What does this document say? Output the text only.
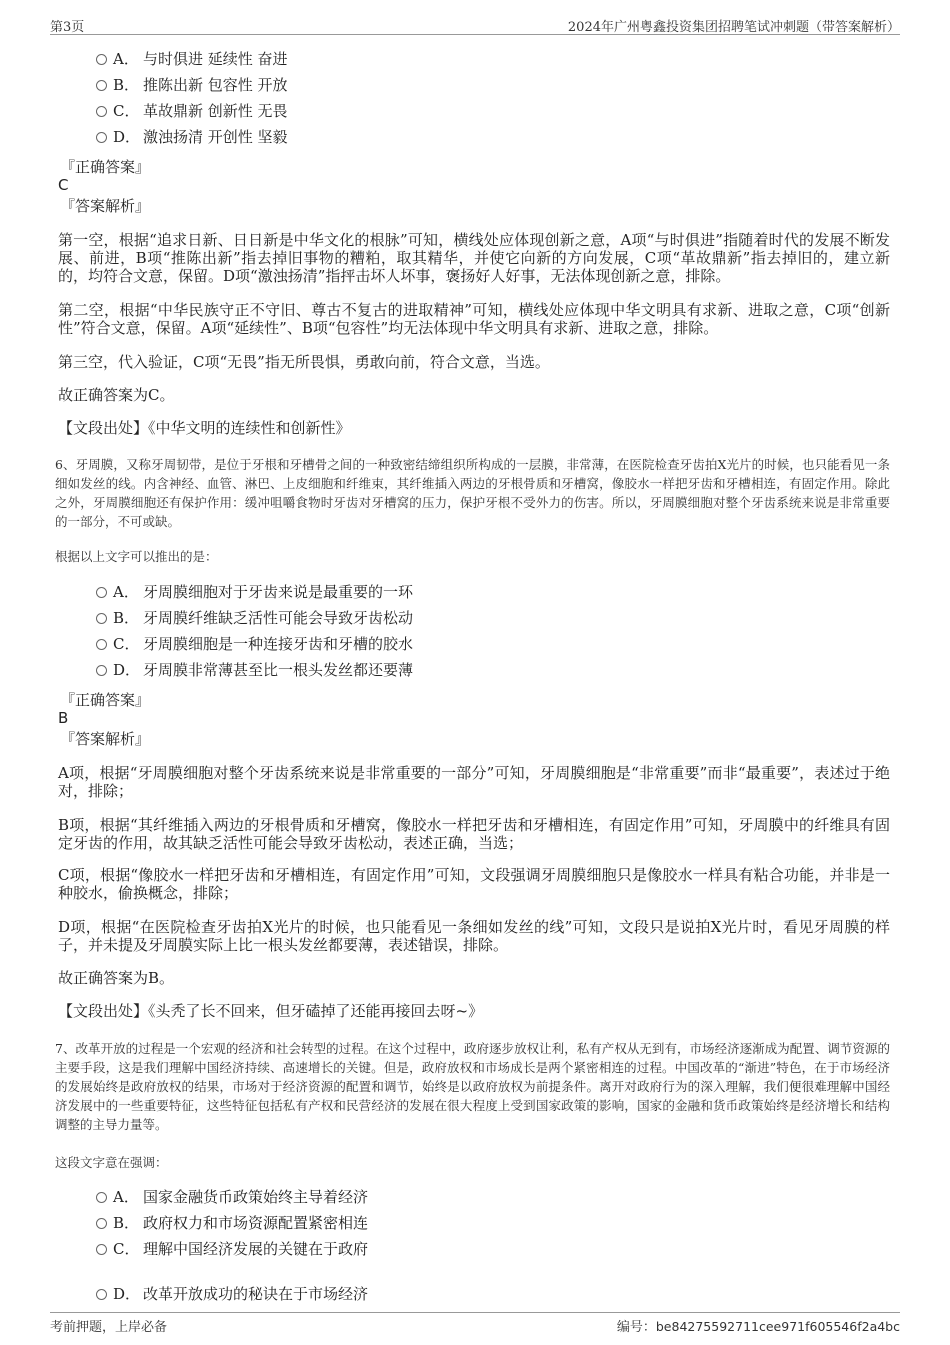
第3页	2024年广州粤鑫投资集团招聘笔试冲刺题（带答案解析）
A． 与时俱进 延续性 奋进
B． 推陈出新 包容性 开放
C． 革故鼎新 创新性 无畏
D． 激浊扬清 开创性 坚毅
『正确答案』
C
『答案解析』
第一空，根据“追求日新、日日新是中华文化的根脉”可知，横线处应体现创新之意，A项“与时俱进”指随着时代的发展不断发展、前进，B项“推陈出新”指去掉旧事物的糟粕，取其精华，并使它向新的方向发展，C项“革故鼎新”指去掉旧的，建立新的，均符合文意，保留。D项“激浊扬清”指抨击坏人坏事，褒扬好人好事，无法体现创新之意，排除。
第二空，根据“中华民族守正不守旧、尊古不复古的进取精神”可知，横线处应体现中华文明具有求新、进取之意，C项“创新性”符合文意，保留。A项“延续性”、B项“包容性”均无法体现中华文明具有求新、进取之意，排除。
第三空，代入验证，C项“无畏”指无所畏惧，勇敢向前，符合文意，当选。
故正确答案为C。
【文段出处】《中华文明的连续性和创新性》
6、牙周膜，又称牙周韧带，是位于牙根和牙槽骨之间的一种致密结缔组织所构成的一层膜，非常薄，在医院检查牙齿拍X光片的时候，也只能看见一条细如发丝的线。内含神经、血管、淋巴、上皮细胞和纤维束，其纤维插入两边的牙根骨质和牙槽窝，像胶水一样把牙齿和牙槽相连，有固定作用。除此之外，牙周膜细胞还有保护作用：缓冲咀嚼食物时牙齿对牙槽窝的压力，保护牙根不受外力的伤害。所以，牙周膜细胞对整个牙齿系统来说是非常重要的一部分，不可或缺。
根据以上文字可以推出的是：
A． 牙周膜细胞对于牙齿来说是最重要的一环
B． 牙周膜纤维缺乏活性可能会导致牙齿松动
C． 牙周膜细胞是一种连接牙齿和牙槽的胶水
D． 牙周膜非常薄甚至比一根头发丝都还要薄
『正确答案』
B
『答案解析』
A项，根据“牙周膜细胞对整个牙齿系统来说是非常重要的一部分”可知，牙周膜细胞是“非常重要”而非“最重要”，表述过于绝对，排除；
B项，根据“其纤维插入两边的牙根骨质和牙槽窝，像胶水一样把牙齿和牙槽相连，有固定作用”可知，牙周膜中的纤维具有固定牙齿的作用，故其缺乏活性可能会导致牙齿松动，表述正确，当选；
C项，根据“像胶水一样把牙齿和牙槽相连，有固定作用”可知，文段强调牙周膜细胞只是像胶水一样具有粘合功能，并非是一种胶水，偷换概念，排除；
D项，根据“在医院检查牙齿拍X光片的时候，也只能看见一条细如发丝的线”可知，文段只是说拍X光片时，看见牙周膜的样子，并未提及牙周膜实际上比一根头发丝都要薄，表述错误，排除。
故正确答案为B。
【文段出处】《头秃了长不回来，但牙磕掉了还能再接回去呀~》
7、改革开放的过程是一个宏观的经济和社会转型的过程。在这个过程中，政府逐步放权让利，私有产权从无到有，市场经济逐渐成为配置、调节资源的主要手段，这是我们理解中国经济持续、高速增长的关键。但是，政府放权和市场成长是两个紧密相连的过程。中国改革的“渐进”特色，在于市场经济的发展始终是政府放权的结果，市场对于经济资源的配置和调节，始终是以政府放权为前提条件。离开对政府行为的深入理解，我们便很难理解中国经济发展中的一些重要特征，这些特征包括私有产权和民营经济的发展在很大程度上受到国家政策的影响，国家的金融和货币政策始终是经济增长和结构调整的主导力量等。
这段文字意在强调：
A． 国家金融货币政策始终主导着经济
B． 政府权力和市场资源配置紧密相连
C． 理解中国经济发展的关键在于政府
D． 改革开放成功的秘诀在于市场经济
考前押题，上岸必备	编号：be84275592711cee971f605546f2a4bc
